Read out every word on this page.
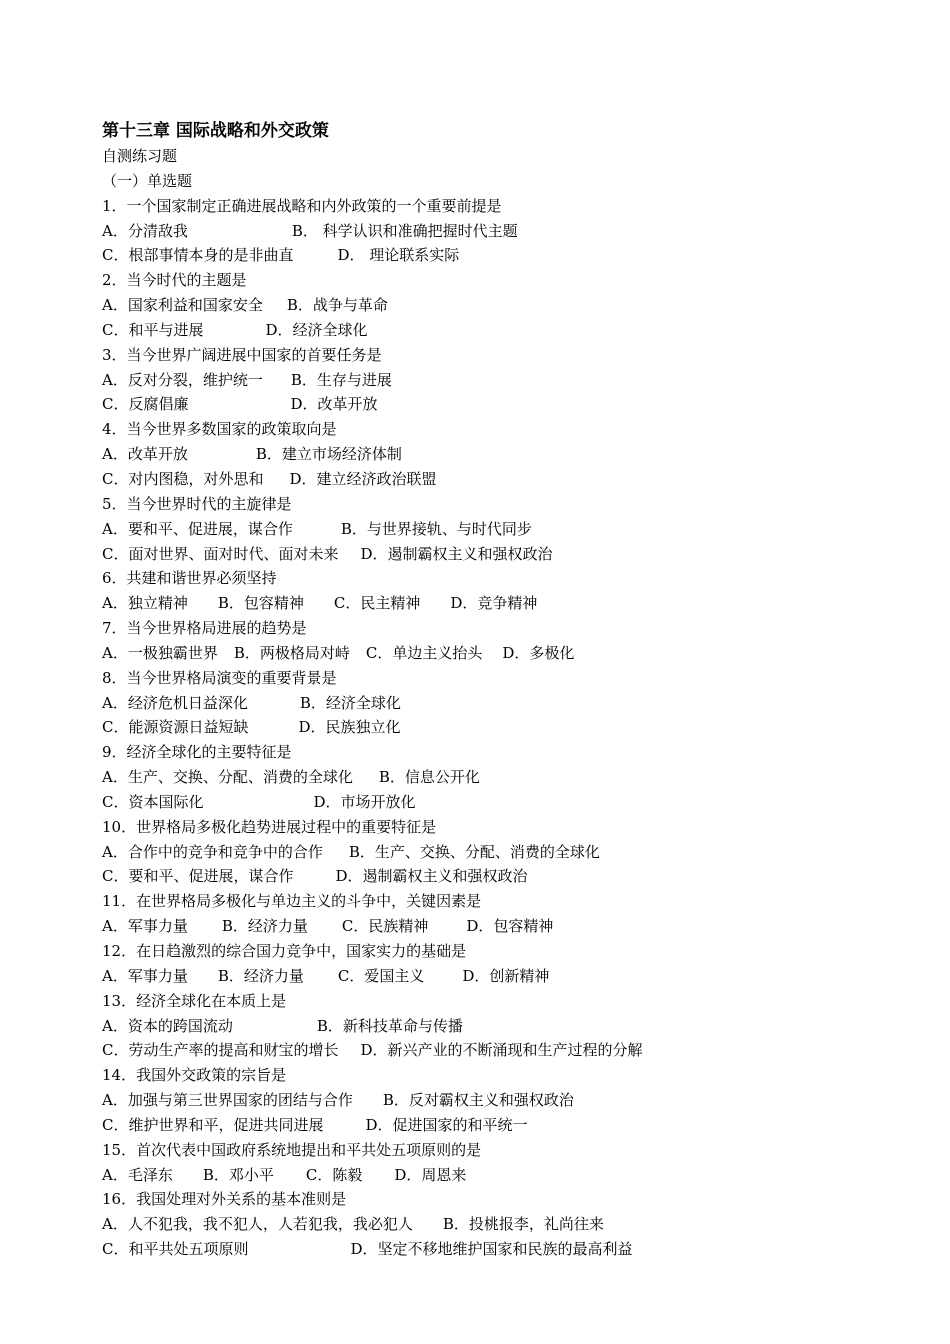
第十三章 国际战略和外交政策
自测练习题
（一）单选题
1．一个国家制定正确进展战略和内外政策的一个重要前提是
A．分清敌我	B． 科学认识和准确把握时代主题
C．根部事情本身的是非曲直	D． 理论联系实际
2．当今时代的主题是
A．国家利益和国家安全 B．战争与革命
C．和平与进展	D．经济全球化
3．当今世界广阔进展中国家的首要任务是
A．反对分裂，维护统一 B．生存与进展
C．反腐倡廉	D．改革开放
4．当今世界多数国家的政策取向是
A．改革开放	B．建立市场经济体制
C．对内图稳，对外思和 D．建立经济政治联盟
5．当今世界时代的主旋律是
A．要和平、促进展，谋合作	B．与世界接轨、与时代同步
C．面对世界、面对时代、面对未来 D．遏制霸权主义和强权政治
6．共建和谐世界必须坚持
A．独立精神 B．包容精神 C．民主精神 D．竞争精神
7．当今世界格局进展的趋势是
A．一极独霸世界 B．两极格局对峙 C．单边主义抬头 D．多极化
8．当今世界格局演变的重要背景是
A．经济危机日益深化	B．经济全球化
C．能源资源日益短缺	D．民族独立化
9．经济全球化的主要特征是
A．生产、交换、分配、消费的全球化 B．信息公开化
C．资本国际化	D．市场开放化
10．世界格局多极化趋势进展过程中的重要特征是
A．合作中的竞争和竞争中的合作 B．生产、交换、分配、消费的全球化
C．要和平、促进展，谋合作	D．遏制霸权主义和强权政治
11．在世界格局多极化与单边主义的斗争中，关键因素是
A．军事力量 B．经济力量 C．民族精神	D．包容精神
12．在日趋激烈的综合国力竞争中，国家实力的基础是
A．军事力量 B．经济力量 C．爱国主义	D．创新精神
13．经济全球化在本质上是
A．资本的跨国流动	B．新科技革命与传播
C．劳动生产率的提高和财宝的增长 D．新兴产业的不断涌现和生产过程的分解
14．我国外交政策的宗旨是
A．加强与第三世界国家的团结与合作 B．反对霸权主义和强权政治
C．维护世界和平，促进共同进展	D．促进国家的和平统一
15．首次代表中国政府系统地提出和平共处五项原则的是
A．毛泽东 B．邓小平 C．陈毅 D．周恩来
16．我国处理对外关系的基本准则是
A．人不犯我，我不犯人，人若犯我，我必犯人 B．投桃报李，礼尚往来
C．和平共处五项原则	D．坚定不移地维护国家和民族的最高利益
